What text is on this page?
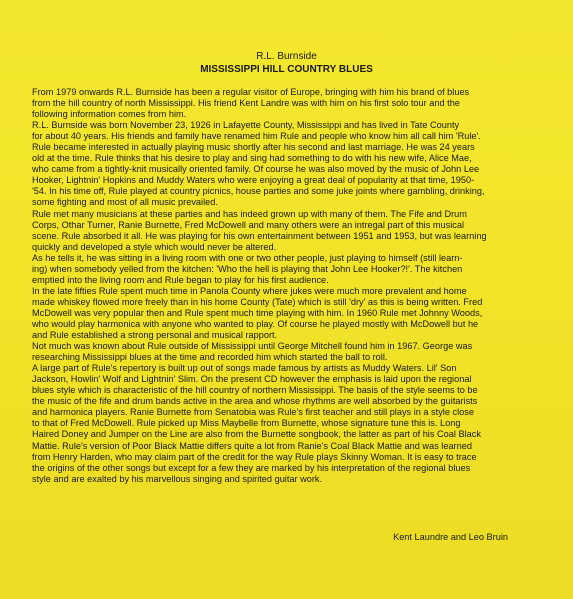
R.L. Burnside
MISSISSIPPI HILL COUNTRY BLUES
From 1979 onwards R.L. Burnside has been a regular visitor of Europe, bringing with him his brand of blues
from the hill country of north Mississippi. His friend Kent Landre was with him on his first solo tour and the
following information comes from him.
R.L. Burnside was born November 23, 1926 in Lafayette County, Mississippi and has lived in Tate County
for about 40 years. His friends and family have renamed him Rule and people who know him all call him 'Rule'.
Rule became interested in actually playing music shortly after his second and last marriage. He was 24 years
old at the time. Rule thinks that his desire to play and sing had something to do with his new wife, Alice Mae,
who came from a tightly-knit musically oriented family. Of course he was also moved by the music of John Lee
Hooker, Lightnin' Hopkins and Muddy Waters who were enjoying a great deal of popularity at that time, 1950-
'54. In his time off, Rule played at country picnics, house parties and some juke joints where gambling, drinking,
some fighting and most of all music prevailed.
Rule met many musicians at these parties and has indeed grown up with many of them. The Fife and Drum
Corps, Othar Turner, Ranie Burnette, Fred McDowell and many others were an intregal part of this musical
scene. Rule absorbed it all. He was playing for his own entertainment between 1951 and 1953, but was learning
quickly and developed a style which would never be altered.
As he tells it, he was sitting in a living room with one or two other people, just playing to himself (still learn-
ing) when somebody yelled from the kitchen: 'Who the hell is playing that John Lee Hooker?!'. The kitchen
emptied into the living room and Rule began to play for his first audience.
In the late fifties Rule spent much time in Panola County where jukes were much more prevalent and home
made whiskey flowed more freely than in his home County (Tate) which is still 'dry' as this is being written. Fred
McDowell was very popular then and Rule spent much time playing with him. In 1960 Rule met Johnny Woods,
who would play harmonica with anyone who wanted to play. Of course he played mostly with McDowell but he
and Rule established a strong personal and musical rapport.
Not much was known about Rule outside of Mississippi until George Mitchell found him in 1967. George was
researching Mississippi blues at the time and recorded him which started the ball to roll.
A large part of Rule's repertory is built up out of songs made famous by artists as Muddy Waters. Lil' Son
Jackson, Howlin' Wolf and Lightnin' Slim. On the present CD however the emphasis is laid upon the regional
blues style which is characteristic of the hill country of northern Mississippi. The basis of the style seems to be
the music of the fife and drum bands active in the area and whose rhythms are well absorbed by the guitarists
and harmonica players. Ranie Burnette from Senatobia was Rule's first teacher and still plays in a style close
to that of Fred McDowell. Rule picked up Miss Maybelle from Burnette, whose signature tune this is. Long
Haired Doney and Jumper on the Line are also from the Burnette songbook, the latter as part of his Coal Black
Mattie. Rule's version of Poor Black Mattie differs quite a lot from Ranie's Coal Black Mattie and was learned
from Henry Harden, who may claim part of the credit for the way Rule plays Skinny Woman. It is easy to trace
the origins of the other songs but except for a few they are marked by his interpretation of the regional blues
style and are exalted by his marvellous singing and spirited guitar work.
Kent Laundre and Leo Bruin
